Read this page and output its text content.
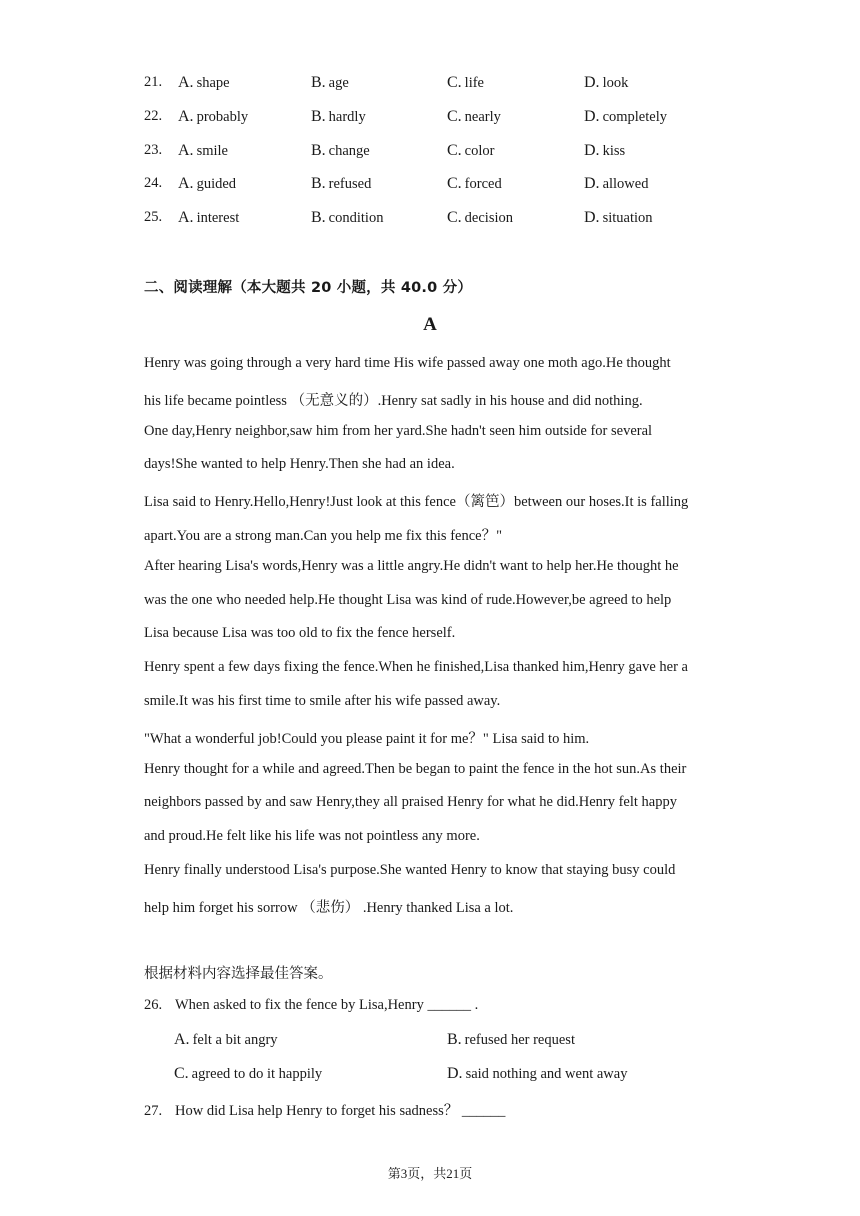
21. A. shape	B. age	C. life	D. look
22. A. probably	B. hardly	C. nearly	D. completely
23. A. smile	B. change	C. color	D. kiss
24. A. guided	B. refused	C. forced	D. allowed
25. A. interest	B. condition	C. decision	D. situation
二、阅读理解（本大题共 20 小题，共 40.0 分）
A
Henry was going through a very hard time His wife passed away one moth ago.He thought
his life became pointless （无意义的）.Henry sat sadly in his house and did nothing.
One day,Henry neighbor,saw him from her yard.She hadn't seen him outside for several
days!She wanted to help Henry.Then she had an idea.
Lisa said to Henry.Hello,Henry!Just look at this fence（篱笆）between our hoses.It is falling
apart.You are a strong man.Can you help me fix this fence？"
After hearing Lisa's words,Henry was a little angry.He didn't want to help her.He thought he
was the one who needed help.He thought Lisa was kind of rude.However,be agreed to help
Lisa because Lisa was too old to fix the fence herself.
Henry spent a few days fixing the fence.When he finished,Lisa thanked him,Henry gave her a
smile.It was his first time to smile after his wife passed away.
"What a wonderful job!Could you please paint it for me？" Lisa said to him.
Henry thought for a while and agreed.Then be began to paint the fence in the hot sun.As their
neighbors passed by and saw Henry,they all praised Henry for what he did.Henry felt happy
and proud.He felt like his life was not pointless any more.
Henry finally understood Lisa's purpose.She wanted Henry to know that staying busy could
help him forget his sorrow （悲伤） .Henry thanked Lisa a lot.
根据材料内容选择最佳答案。
26. When asked to fix the fence by Lisa,Henry ______ .
A. felt a bit angry	B. refused her request
C. agreed to do it happily	D. said nothing and went away
27. How did Lisa help Henry to forget his sadness？ ______
第3页，共21页
